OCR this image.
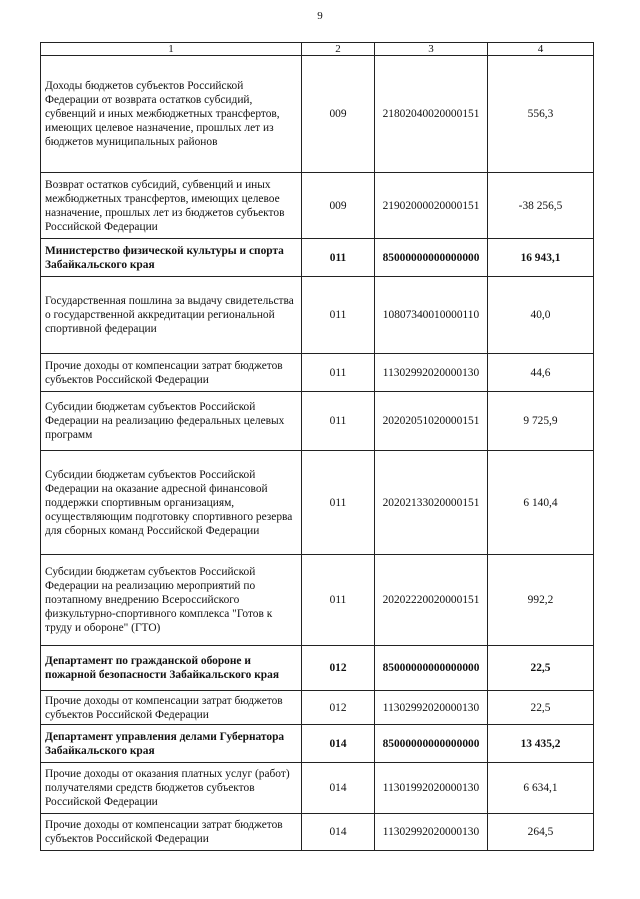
9
1	2	3	4
Доходы бюджетов субъектов Российской Федерации от возврата остатков субсидий, субвенций и иных межбюджетных трансфертов, имеющих целевое назначение, прошлых лет из бюджетов муниципальных районов	009	21802040020000151	556,3
Возврат остатков субсидий, субвенций и иных межбюджетных трансфертов, имеющих целевое назначение, прошлых лет из бюджетов субъектов Российской Федерации	009	21902000020000151	-38 256,5
Министерство физической культуры и спорта Забайкальского края	011	85000000000000000	16 943,1
Государственная пошлина за выдачу свидетельства о государственной аккредитации региональной спортивной федерации	011	10807340010000110	40,0
Прочие доходы от компенсации затрат бюджетов субъектов Российской Федерации	011	11302992020000130	44,6
Субсидии бюджетам субъектов Российской Федерации на реализацию федеральных целевых программ	011	20202051020000151	9 725,9
Субсидии бюджетам субъектов Российской Федерации на оказание адресной финансовой поддержки спортивным организациям, осуществляющим подготовку спортивного резерва для сборных команд Российской Федерации	011	20202133020000151	6 140,4
Субсидии бюджетам субъектов Российской Федерации на реализацию мероприятий по поэтапному внедрению Всероссийского физкультурно-спортивного комплекса "Готов к труду и обороне" (ГТО)	011	20202220020000151	992,2
Департамент по гражданской обороне и пожарной безопасности Забайкальского края	012	85000000000000000	22,5
Прочие доходы от компенсации затрат бюджетов субъектов Российской Федерации	012	11302992020000130	22,5
Департамент управления делами Губернатора Забайкальского края	014	85000000000000000	13 435,2
Прочие доходы от оказания платных услуг (работ) получателями средств бюджетов субъектов Российской Федерации	014	11301992020000130	6 634,1
Прочие доходы от компенсации затрат бюджетов субъектов Российской Федерации	014	11302992020000130	264,5
